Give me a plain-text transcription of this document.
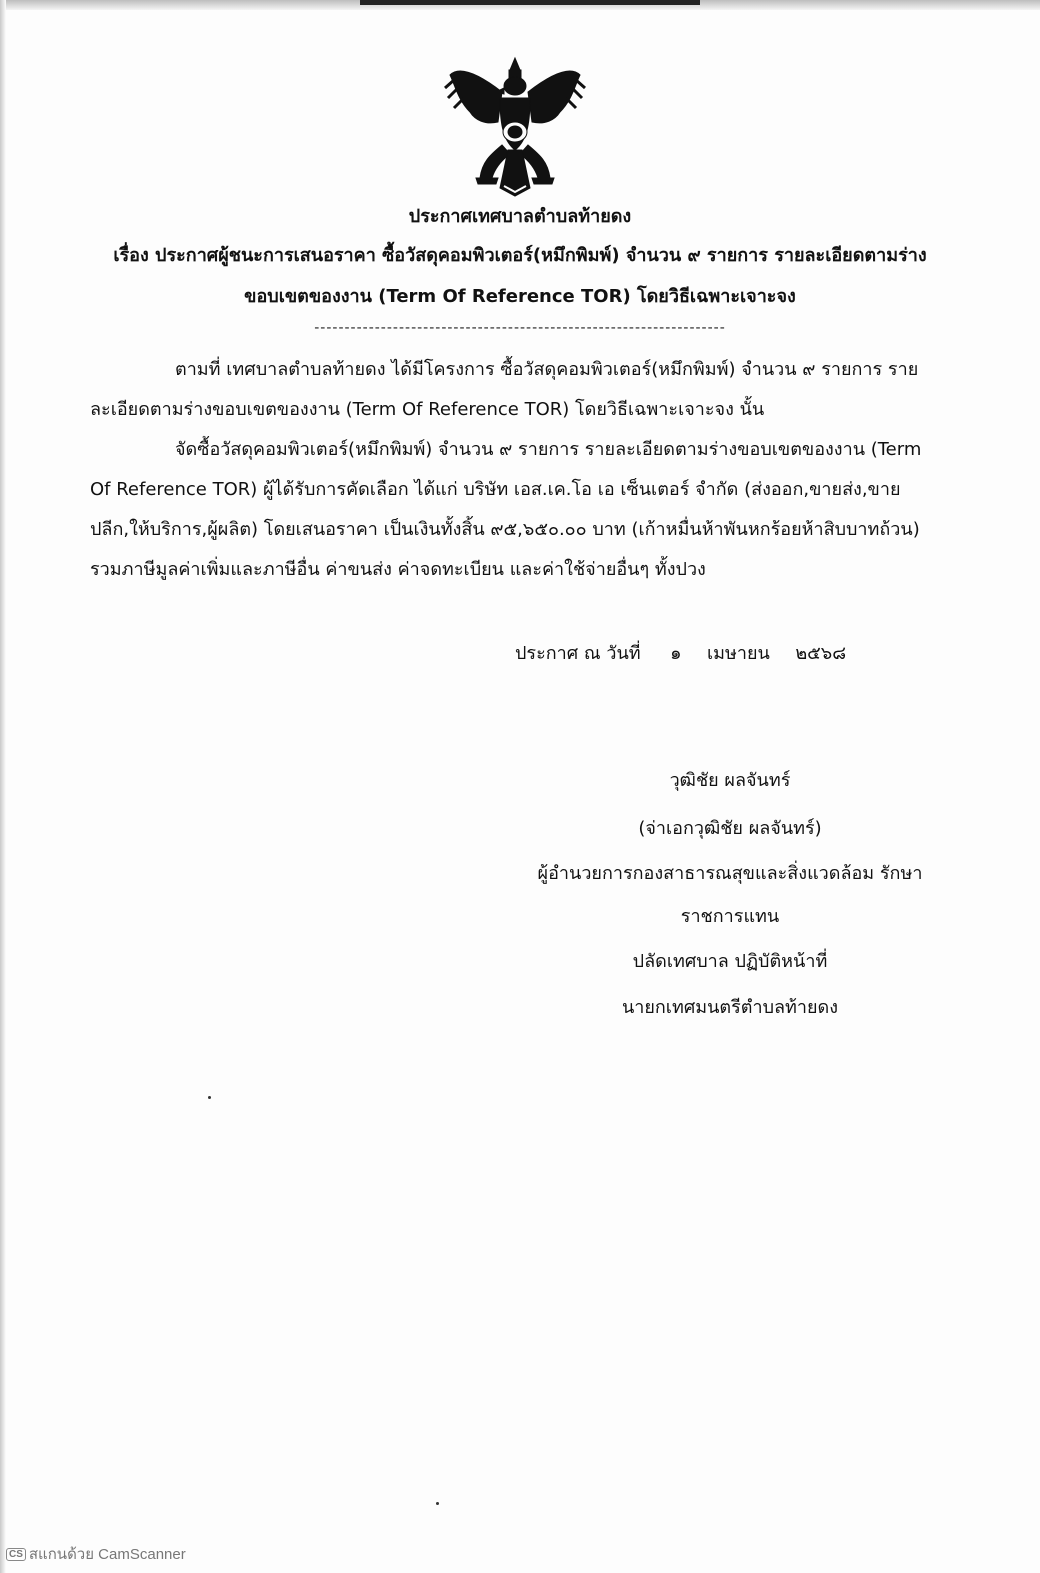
ประกาศเทศบาลตำบลท้ายดง
เรื่อง ประกาศผู้ชนะการเสนอราคา ซื้อวัสดุคอมพิวเตอร์(หมึกพิมพ์) จำนวน ๙ รายการ รายละเอียดตามร่าง
ขอบเขตของงาน (Term Of Reference TOR) โดยวิธีเฉพาะเจาะจง
--------------------------------------------------------------------
ตามที่ เทศบาลตำบลท้ายดง ได้มีโครงการ ซื้อวัสดุคอมพิวเตอร์(หมึกพิมพ์) จำนวน ๙ รายการ รายละเอียดตามร่างขอบเขตของงาน (Term Of Reference TOR) โดยวิธีเฉพาะเจาะจง นั้น
จัดซื้อวัสดุคอมพิวเตอร์(หมึกพิมพ์) จำนวน ๙ รายการ รายละเอียดตามร่างขอบเขตของงาน (Term Of Reference TOR) ผู้ได้รับการคัดเลือก ได้แก่ บริษัท เอส.เค.โอ เอ เซ็นเตอร์ จำกัด (ส่งออก,ขายส่ง,ขายปลีก,ให้บริการ,ผู้ผลิต) โดยเสนอราคา เป็นเงินทั้งสิ้น ๙๕,๖๕๐.๐๐ บาท (เก้าหมื่นห้าพันหกร้อยห้าสิบบาทถ้วน) รวมภาษีมูลค่าเพิ่มและภาษีอื่น ค่าขนส่ง ค่าจดทะเบียน และค่าใช้จ่ายอื่นๆ ทั้งปวง
ประกาศ ณ วันที่ ๑ เมษายน ๒๕๖๘
วุฒิชัย ผลจันทร์
(จ่าเอกวุฒิชัย ผลจันทร์)
ผู้อำนวยการกองสาธารณสุขและสิ่งแวดล้อม รักษา
ราชการแทน
ปลัดเทศบาล ปฏิบัติหน้าที่
นายกเทศมนตรีตำบลท้ายดง
CS สแกนด้วย CamScanner
